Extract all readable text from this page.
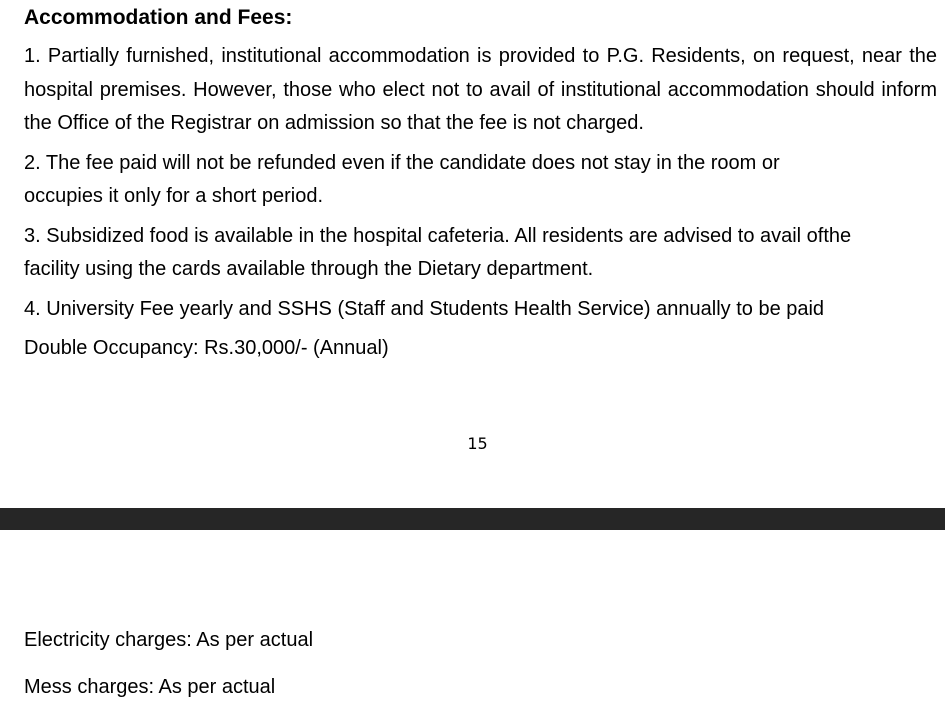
Accommodation and Fees:
1. Partially furnished, institutional accommodation is provided to P.G. Residents, on request, near the hospital premises. However, those who elect not to avail of institutional accommodation should inform the Office of the Registrar on admission so that the fee is not charged.
2. The fee paid will not be refunded even if the candidate does not stay in the room or occupies it only for a short period.
3. Subsidized food is available in the hospital cafeteria. All residents are advised to avail ofthe facility using the cards available through the Dietary department.
4. University Fee yearly and SSHS (Staff and Students Health Service) annually to be paid
Double Occupancy: Rs.30,000/- (Annual)
15
Electricity charges: As per actual
Mess charges: As per actual
